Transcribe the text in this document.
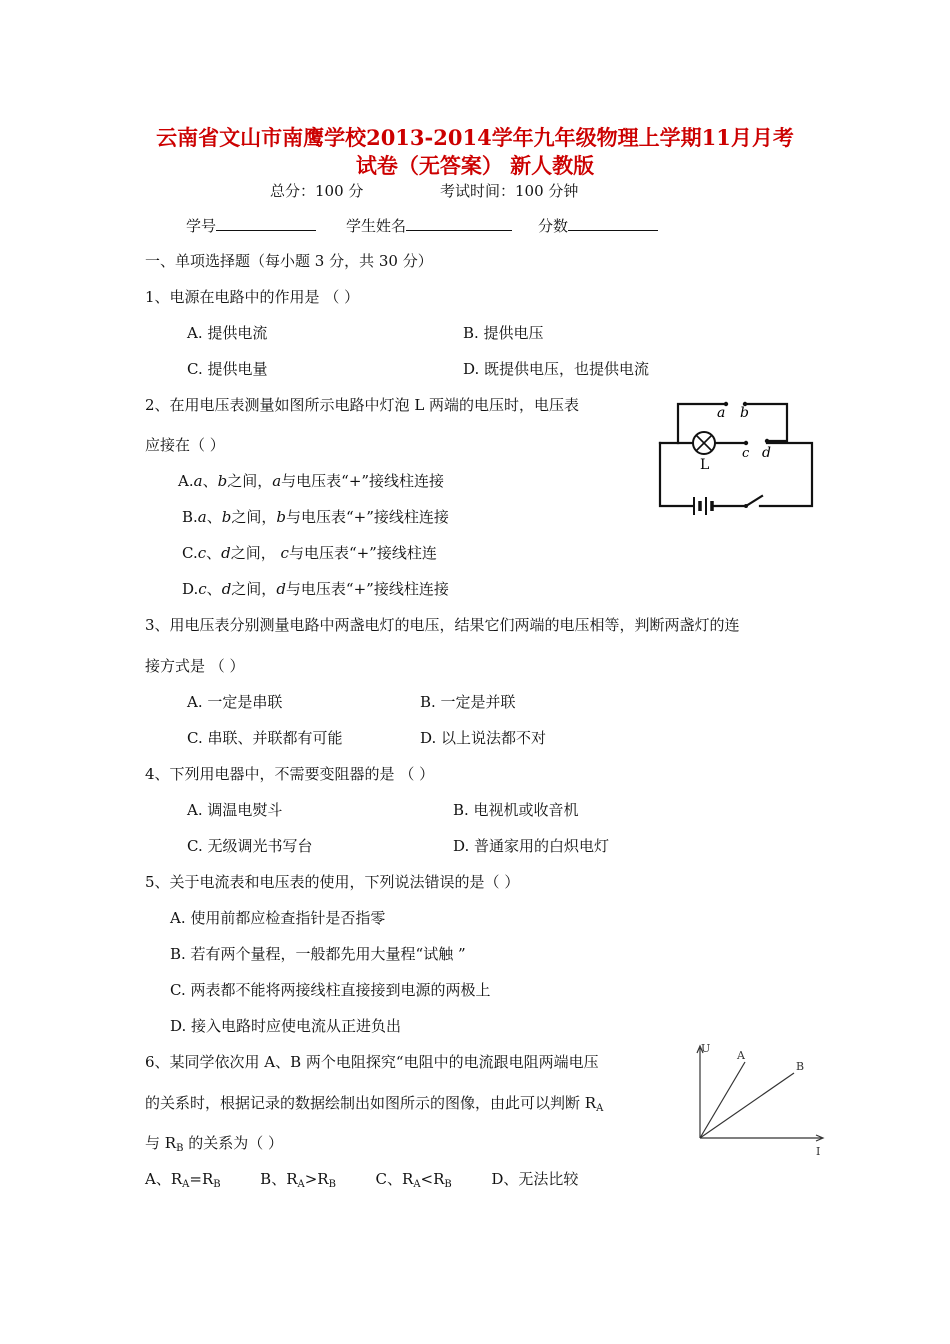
云南省文山市南鹰学校2013-2014学年九年级物理上学期11月月考
试卷（无答案） 新人教版
总分：100 分	考试时间：100 分钟
学号	学生姓名	分数
一、单项选择题（每小题 3 分，共 30 分）
1、电源在电路中的作用是 （ ）
A. 提供电流	B. 提供电压
C. 提供电量	D. 既提供电压，也提供电流
2、在用电压表测量如图所示电路中灯泡 L 两端的电压时，电压表
应接在（ ）
A.a、b之间，a与电压表“+”接线柱连接
B.a、b之间，b与电压表“+”接线柱连接
C.c、d之间， c与电压表“+”接线柱连
D.c、d之间，d与电压表“+”接线柱连接
a b
c d
L
3、用电压表分别测量电路中两盏电灯的电压，结果它们两端的电压相等，判断两盏灯的连
接方式是 （ ）
A. 一定是串联	B. 一定是并联
C. 串联、并联都有可能	D. 以上说法都不对
4、下列用电器中，不需要变阻器的是 （ ）
A. 调温电熨斗	B. 电视机或收音机
C. 无级调光书写台	D. 普通家用的白炽电灯
5、关于电流表和电压表的使用，下列说法错误的是（ ）
A. 使用前都应检查指针是否指零
B. 若有两个量程，一般都先用大量程“试触 ”
C. 两表都不能将两接线柱直接接到电源的两极上
D. 接入电路时应使电流从正进负出
6、某同学依次用 A、B 两个电阻探究“电阻中的电流跟电阻两端电压
的关系时，根据记录的数据绘制出如图所示的图像，由此可以判断 $R_A$
与 $R_B$ 的关系为（ ）
A、$R_A=R_B$	B、$R_A>R_B$	C、$R_A<R_B$	D、无法比较
U
I
A
B
